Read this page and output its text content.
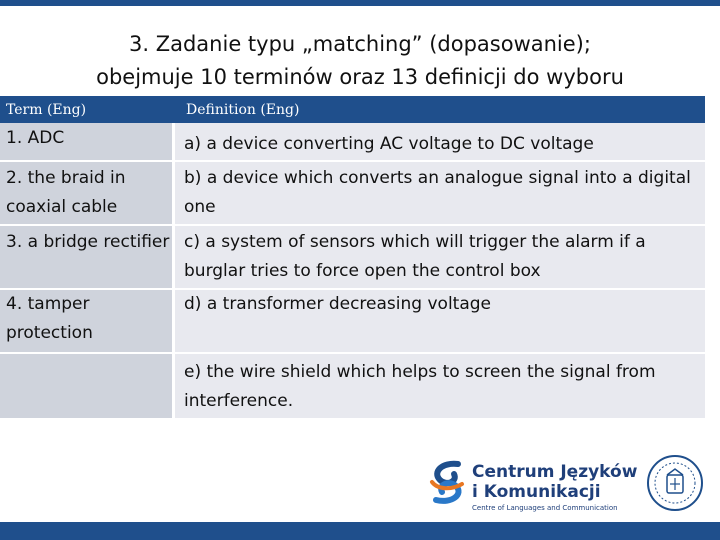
3. Zadanie typu „matching” (dopasowanie);
obejmuje 10 terminów oraz 13 definicji do wyboru
Term (Eng)	Definition (Eng)
1. ADC	a) a device converting AC voltage to DC voltage
2. the braid in coaxial cable
b) a device which converts an analogue signal into a digital one
3. a bridge rectifier c) a system of sensors which will trigger the alarm if a burglar tries to force open the control box
4. tamper protection
d) a transformer decreasing voltage
e) the wire shield which helps to screen the signal from interference.
Centrum Języków
i Komunikacji
Centre of Languages and Communication
